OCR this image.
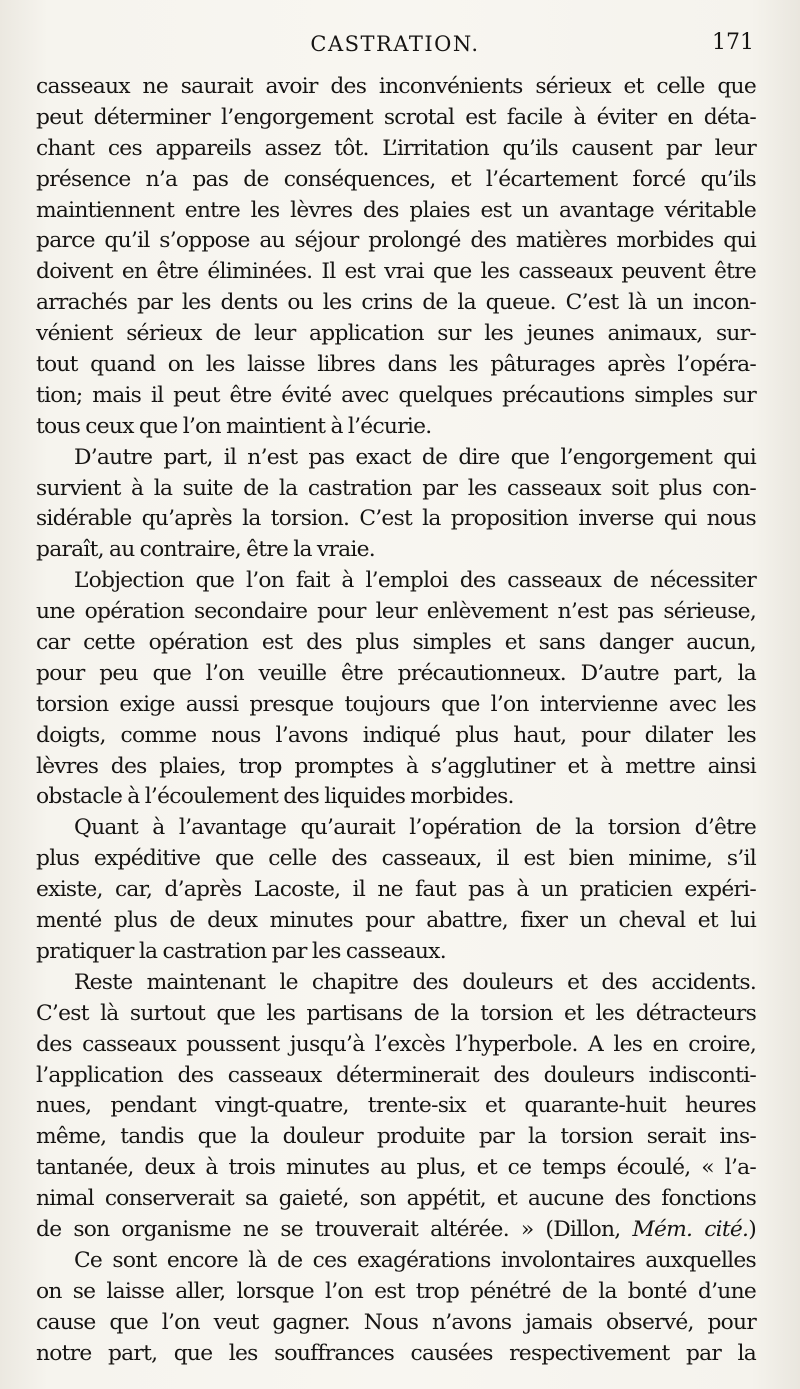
CASTRATION.	171
casseaux ne saurait avoir des inconvénients sérieux et celle que
peut déterminer l’engorgement scrotal est facile à éviter en déta-
chant ces appareils assez tôt. L’irritation qu’ils causent par leur
présence n’a pas de conséquences, et l’écartement forcé qu’ils
maintiennent entre les lèvres des plaies est un avantage véritable
parce qu’il s’oppose au séjour prolongé des matières morbides qui
doivent en être éliminées. Il est vrai que les casseaux peuvent être
arrachés par les dents ou les crins de la queue. C’est là un incon-
vénient sérieux de leur application sur les jeunes animaux, sur-
tout quand on les laisse libres dans les pâturages après l’opéra-
tion; mais il peut être évité avec quelques précautions simples sur
tous ceux que l’on maintient à l’écurie.
D’autre part, il n’est pas exact de dire que l’engorgement qui
survient à la suite de la castration par les casseaux soit plus con-
sidérable qu’après la torsion. C’est la proposition inverse qui nous
paraît, au contraire, être la vraie.
L’objection que l’on fait à l’emploi des casseaux de nécessiter
une opération secondaire pour leur enlèvement n’est pas sérieuse,
car cette opération est des plus simples et sans danger aucun,
pour peu que l’on veuille être précautionneux. D’autre part, la
torsion exige aussi presque toujours que l’on intervienne avec les
doigts, comme nous l’avons indiqué plus haut, pour dilater les
lèvres des plaies, trop promptes à s’agglutiner et à mettre ainsi
obstacle à l’écoulement des liquides morbides.
Quant à l’avantage qu’aurait l’opération de la torsion d’être
plus expéditive que celle des casseaux, il est bien minime, s’il
existe, car, d’après Lacoste, il ne faut pas à un praticien expéri-
menté plus de deux minutes pour abattre, fixer un cheval et lui
pratiquer la castration par les casseaux.
Reste maintenant le chapitre des douleurs et des accidents.
C’est là surtout que les partisans de la torsion et les détracteurs
des casseaux poussent jusqu’à l’excès l’hyperbole. A les en croire,
l’application des casseaux déterminerait des douleurs indisconti-
nues, pendant vingt-quatre, trente-six et quarante-huit heures
même, tandis que la douleur produite par la torsion serait ins-
tantanée, deux à trois minutes au plus, et ce temps écoulé, « l’a-
nimal conserverait sa gaieté, son appétit, et aucune des fonctions
de son organisme ne se trouverait altérée. » (Dillon, Mém. cité.)
Ce sont encore là de ces exagérations involontaires auxquelles
on se laisse aller, lorsque l’on est trop pénétré de la bonté d’une
cause que l’on veut gagner. Nous n’avons jamais observé, pour
notre part, que les souffrances causées respectivement par la
